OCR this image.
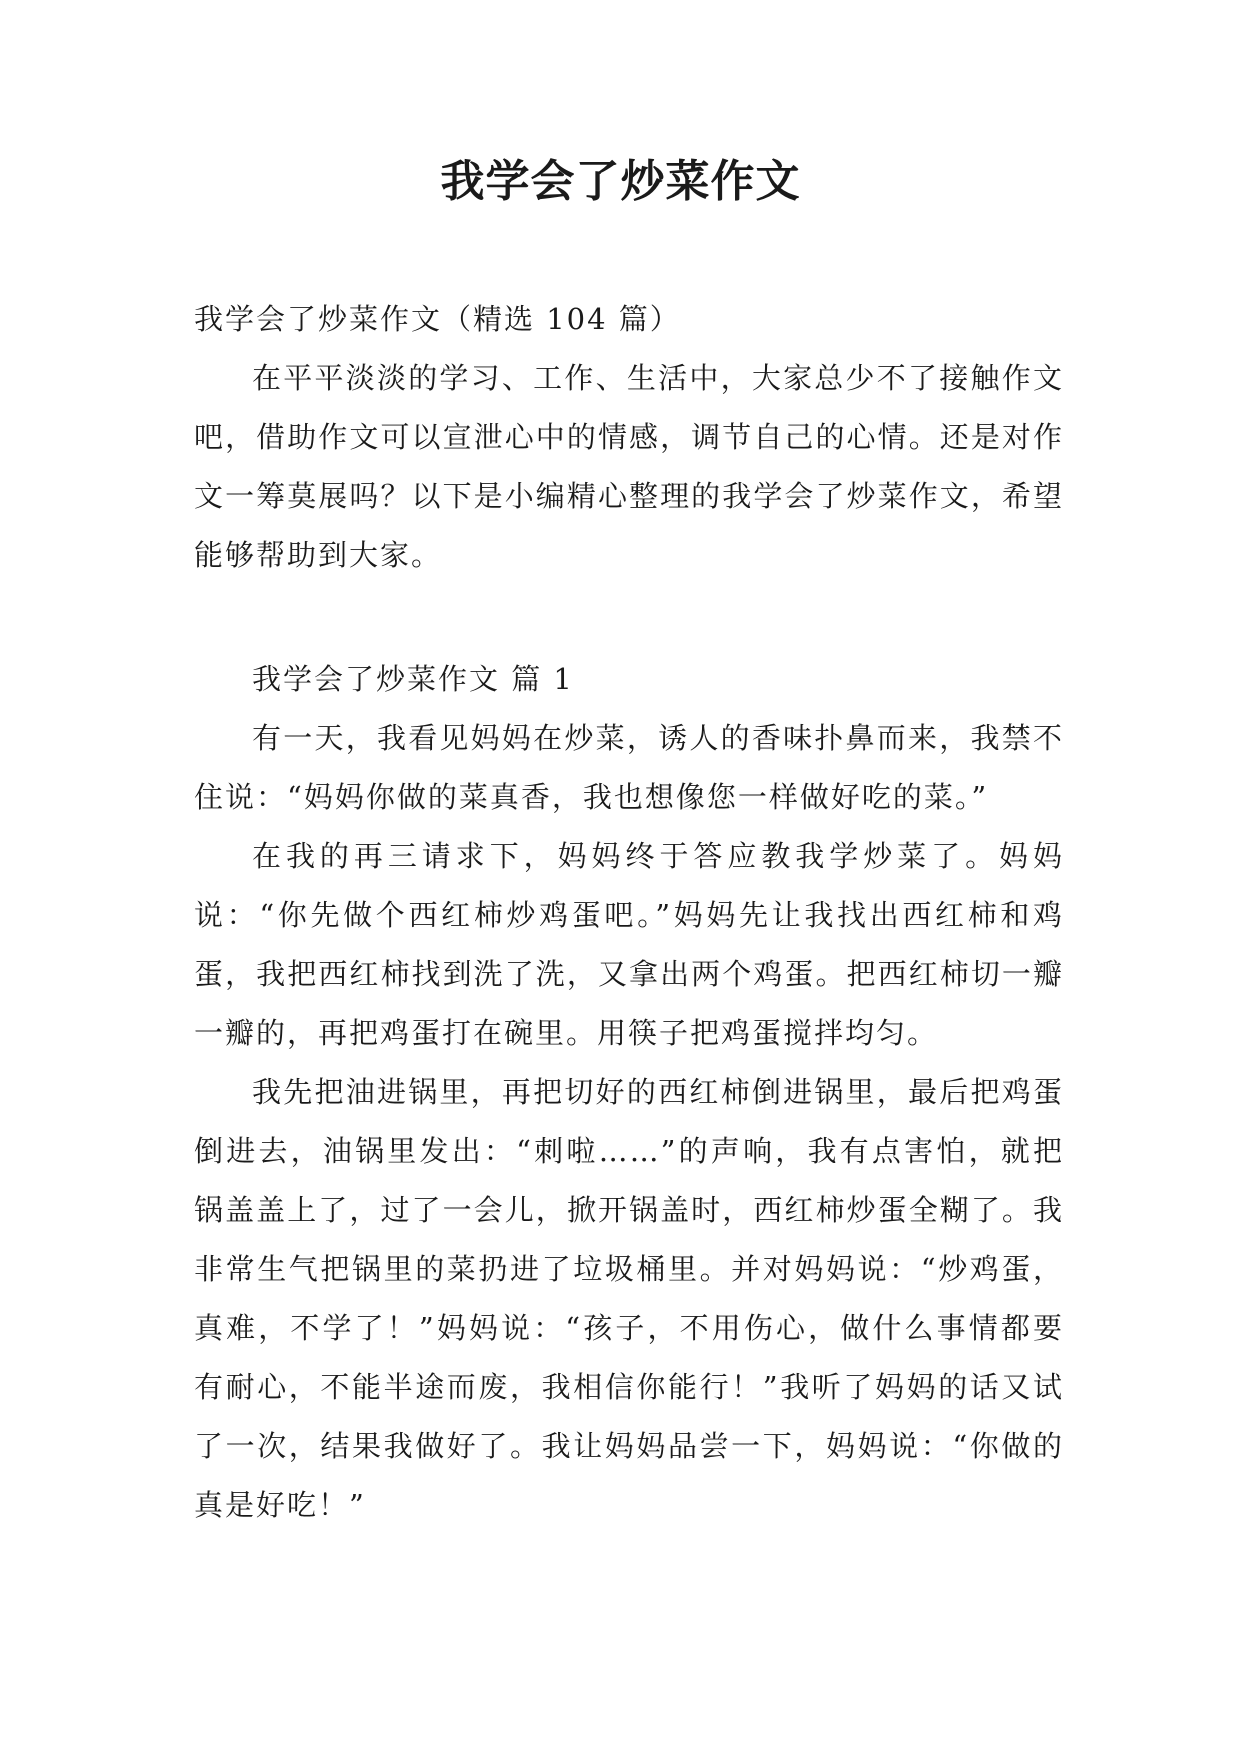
我学会了炒菜作文

我学会了炒菜作文（精选 104 篇）

在平平淡淡的学习、工作、生活中，大家总少不了接触作文吧，借助作文可以宣泄心中的情感，调节自己的心情。还是对作文一筹莫展吗？以下是小编精心整理的我学会了炒菜作文，希望能够帮助到大家。

我学会了炒菜作文 篇 1

有一天，我看见妈妈在炒菜，诱人的香味扑鼻而来，我禁不住说：“妈妈你做的菜真香，我也想像您一样做好吃的菜。”

在我的再三请求下，妈妈终于答应教我学炒菜了。妈妈说：“你先做个西红柿炒鸡蛋吧。”妈妈先让我找出西红柿和鸡蛋，我把西红柿找到洗了洗，又拿出两个鸡蛋。把西红柿切一瓣一瓣的，再把鸡蛋打在碗里。用筷子把鸡蛋搅拌均匀。

我先把油进锅里，再把切好的西红柿倒进锅里，最后把鸡蛋倒进去，油锅里发出：“刺啦……”的声响，我有点害怕，就把锅盖盖上了，过了一会儿，掀开锅盖时，西红柿炒蛋全糊了。我非常生气把锅里的菜扔进了垃圾桶里。并对妈妈说：“炒鸡蛋，真难，不学了！”妈妈说：“孩子，不用伤心，做什么事情都要有耐心，不能半途而废，我相信你能行！”我听了妈妈的话又试了一次，结果我做好了。我让妈妈品尝一下，妈妈说：“你做的真是好吃！”
